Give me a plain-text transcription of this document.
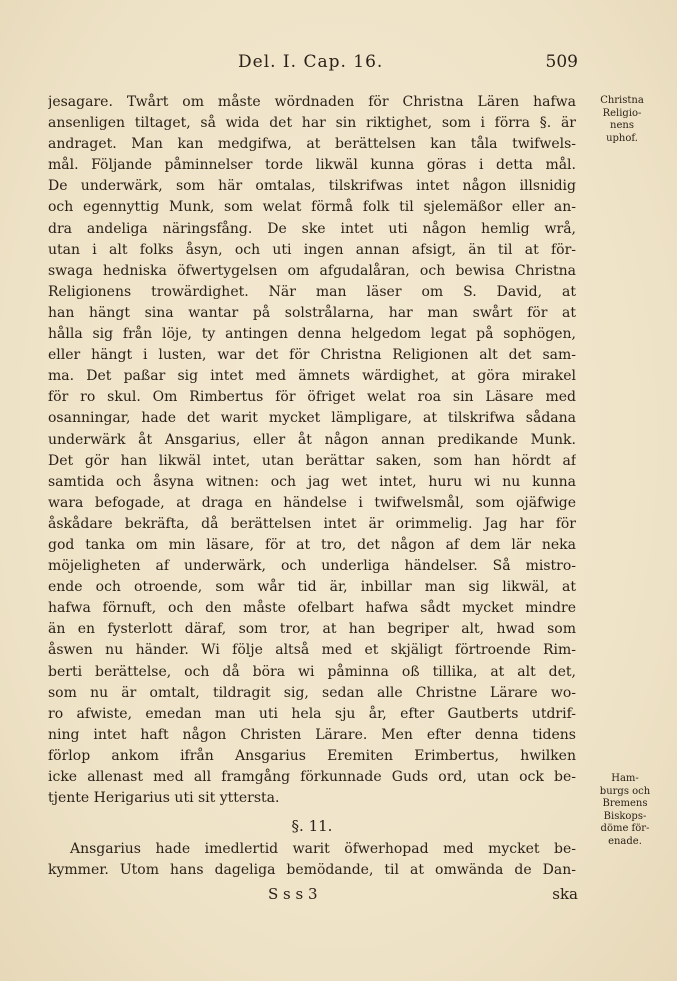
Del. I. Cap. 16.	509
Christna
Religio-
nens
uphof.
Ham-
burgs och
Bremens
Biskops-
döme för-
enade.
jesagare. Twårt om måste wördnaden för Christna Lären hafwa
ansenligen tiltaget, så wida det har sin riktighet, som i förra §. är
andraget. Man kan medgifwa, at berättelsen kan tåla twifwels-
mål. Följande påminnelser torde likwäl kunna göras i detta mål.
De underwärk, som här omtalas, tilskrifwas intet någon illsnidig
och egennyttig Munk, som welat förmå folk til sjelemäßor eller an-
dra andeliga näringsfång. De ske intet uti någon hemlig wrå,
utan i alt folks åsyn, och uti ingen annan afsigt, än til at för-
swaga hedniska öfwertygelsen om afgudalåran, och bewisa Christna
Religionens trowärdighet. När man läser om S. David, at
han hängt sina wantar på solstrålarna, har man swårt för at
hålla sig från löje, ty antingen denna helgedom legat på sophögen,
eller hängt i lusten, war det för Christna Religionen alt det sam-
ma. Det paßar sig intet med ämnets wärdighet, at göra mirakel
för ro skul. Om Rimbertus för öfriget welat roa sin Läsare med
osanningar, hade det warit mycket lämpligare, at tilskrifwa sådana
underwärk åt Ansgarius, eller åt någon annan predikande Munk.
Det gör han likwäl intet, utan berättar saken, som han hördt af
samtida och åsyna witnen: och jag wet intet, huru wi nu kunna
wara befogade, at draga en händelse i twifwelsmål, som ojäfwige
åskådare bekräfta, då berättelsen intet är orimmelig. Jag har för
god tanka om min läsare, för at tro, det någon af dem lär neka
möjeligheten af underwärk, och underliga händelser. Så mistro-
ende och otroende, som wår tid är, inbillar man sig likwäl, at
hafwa förnuft, och den måste ofelbart hafwa sådt mycket mindre
än en fysterlott däraf, som tror, at han begriper alt, hwad som
åswen nu händer. Wi följe altså med et skjäligt förtroende Rim-
berti berättelse, och då böra wi påminna oß tillika, at alt det,
som nu är omtalt, tildragit sig, sedan alle Christne Lärare wo-
ro afwiste, emedan man uti hela sju år, efter Gautberts utdrif-
ning intet haft någon Christen Lärare. Men efter denna tidens
förlop ankom ifrån Ansgarius Eremiten Erimbertus, hwilken
icke allenast med all framgång förkunnade Guds ord, utan ock be-
tjente Herigarius uti sit yttersta.
§. 11.
Ansgarius hade imedlertid warit öfwerhopad med mycket be-
kymmer. Utom hans dageliga bemödande, til at omwända de Dan-
S s s 3	ska
